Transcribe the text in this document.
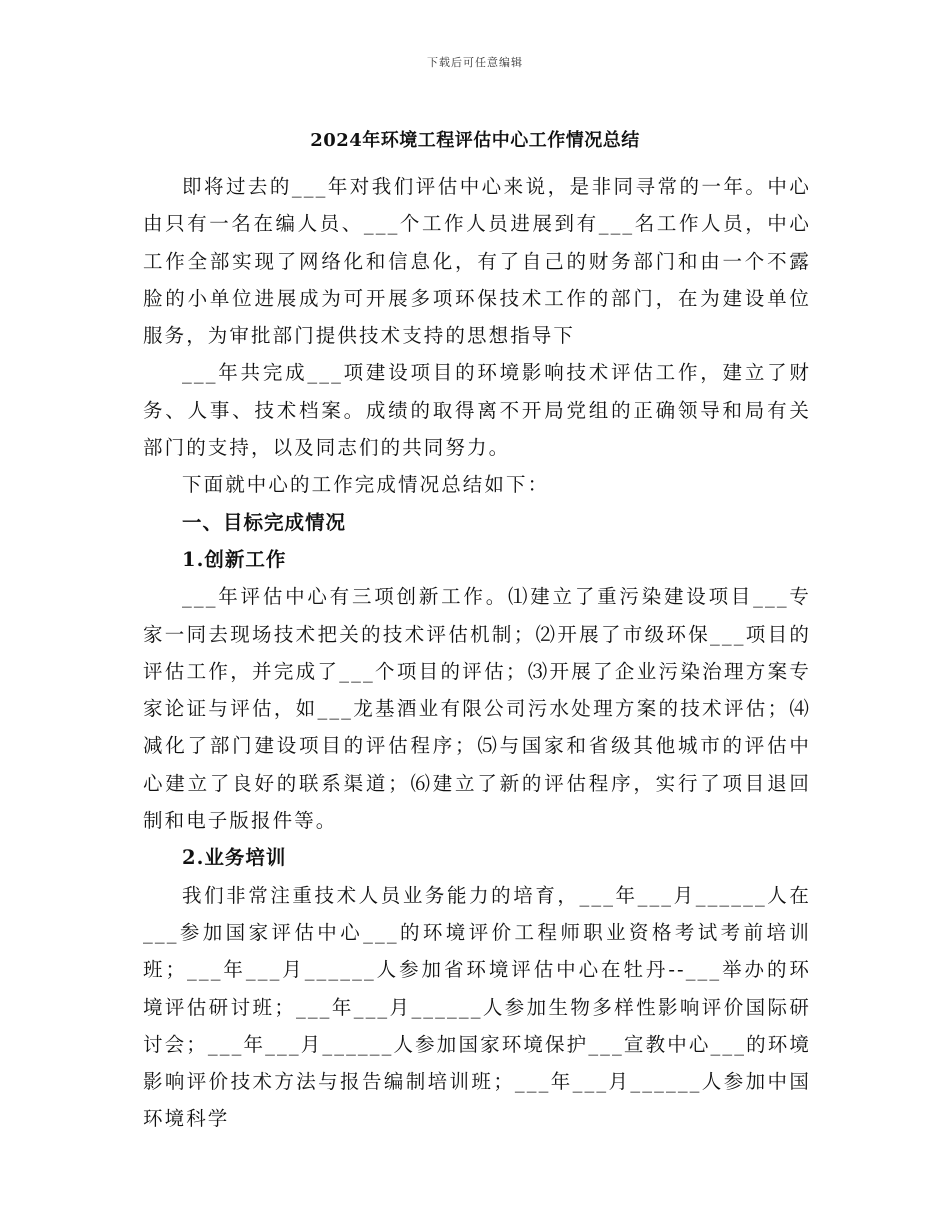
下载后可任意编辑
2024年环境工程评估中心工作情况总结

即将过去的___年对我们评估中心来说，是非同寻常的一年。中心由只有一名在编人员、___个工作人员进展到有___名工作人员，中心工作全部实现了网络化和信息化，有了自己的财务部门和由一个不露脸的小单位进展成为可开展多项环保技术工作的部门，在为建设单位服务，为审批部门提供技术支持的思想指导下

___年共完成___项建设项目的环境影响技术评估工作，建立了财务、人事、技术档案。成绩的取得离不开局党组的正确领导和局有关部门的支持，以及同志们的共同努力。

下面就中心的工作完成情况总结如下：

一、目标完成情况

1.创新工作

___年评估中心有三项创新工作。⑴建立了重污染建设项目___专家一同去现场技术把关的技术评估机制；⑵开展了市级环保___项目的评估工作，并完成了___个项目的评估；⑶开展了企业污染治理方案专家论证与评估，如___龙基酒业有限公司污水处理方案的技术评估；⑷减化了部门建设项目的评估程序；⑸与国家和省级其他城市的评估中心建立了良好的联系渠道；⑹建立了新的评估程序，实行了项目退回制和电子版报件等。

2.业务培训

我们非常注重技术人员业务能力的培育，___年___月______人在___参加国家评估中心___的环境评价工程师职业资格考试考前培训班；___年___月______人参加省环境评估中心在牡丹--___举办的环境评估研讨班；___年___月______人参加生物多样性影响评价国际研讨会；___年___月______人参加国家环境保护___宣教中心___的环境影响评价技术方法与报告编制培训班；___年___月______人参加中国环境科学
